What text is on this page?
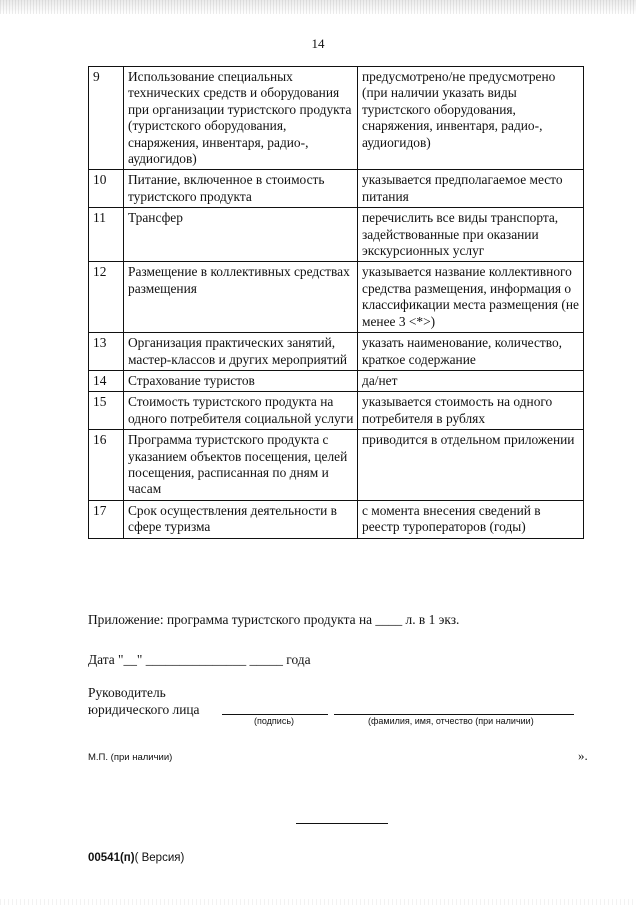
14
9	Использование специальных технических средств и оборудования при организации туристского продукта (туристского оборудования, снаряжения, инвентаря, радио-, аудиогидов)	предусмотрено/не предусмотрено (при наличии указать виды туристского оборудования, снаряжения, инвентаря, радио-, аудиогидов)
10	Питание, включенное в стоимость туристского продукта	указывается предполагаемое место питания
11	Трансфер	перечислить все виды транспорта, задействованные при оказании экскурсионных услуг
12	Размещение в коллективных средствах размещения	указывается название коллективного средства размещения, информация о классификации места размещения (не менее 3 <*>)
13	Организация практических занятий, мастер-классов и других мероприятий	указать наименование, количество, краткое содержание
14	Страхование туристов	да/нет
15	Стоимость туристского продукта на одного потребителя социальной услуги	указывается стоимость на одного потребителя в рублях
16	Программа туристского продукта с указанием объектов посещения, целей посещения, расписанная по дням и часам	приводится в отдельном приложении
17	Срок осуществления деятельности в сфере туризма	с момента внесения сведений в реестр туроператоров (годы)
Приложение: программа туристского продукта на ____ л. в 1 экз.
Дата "__" _______________ _____ года
Руководитель
юридического лица
(подпись)	(фамилия, имя, отчество (при наличии)
М.П. (при наличии)	».
00541(п)( Версия)
